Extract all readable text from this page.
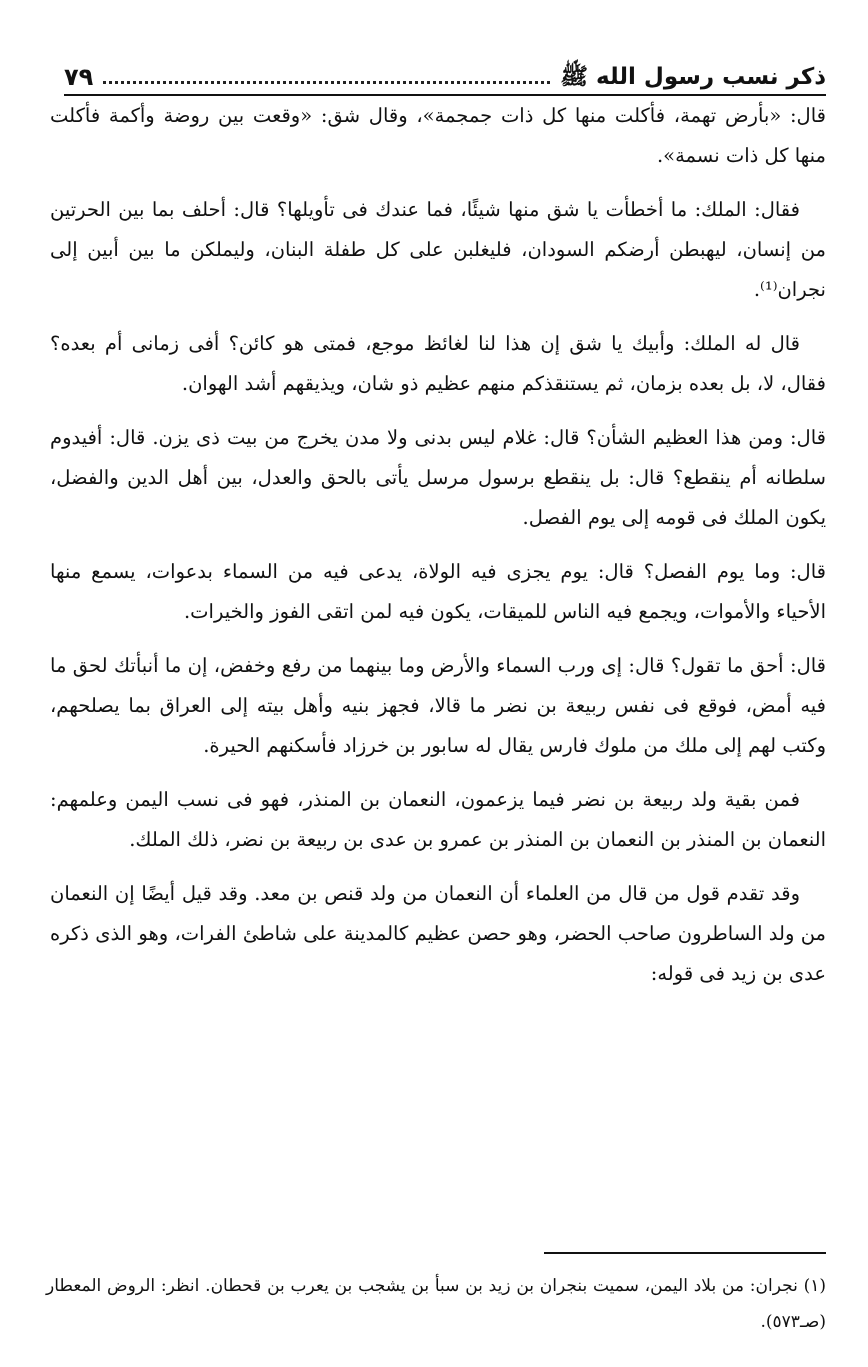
ذكر نسب رسول الله ﷺ
٧٩

قال: «بأرض تهمة، فأكلت منها كل ذات جمجمة»، وقال شق: «وقعت بين روضة وأكمة فأكلت منها كل ذات نسمة».

فقال: الملك: ما أخطأت يا شق منها شيئًا، فما عندك فى تأويلها؟ قال: أحلف بما بين الحرتين من إنسان، ليهبطن أرضكم السودان، فليغلبن على كل طفلة البنان، وليملكن ما بين أبين إلى نجران⁽¹⁾.

قال له الملك: وأبيك يا شق إن هذا لنا لغائظ موجع، فمتى هو كائن؟ أفى زمانى أم بعده؟ فقال، لا، بل بعده بزمان، ثم يستنقذكم منهم عظيم ذو شان، ويذيقهم أشد الهوان.

قال: ومن هذا العظيم الشأن؟ قال: غلام ليس بدنى ولا مدن يخرج من بيت ذى يزن. قال: أفيدوم سلطانه أم ينقطع؟ قال: بل ينقطع برسول مرسل يأتى بالحق والعدل، بين أهل الدين والفضل، يكون الملك فى قومه إلى يوم الفصل.

قال: وما يوم الفصل؟ قال: يوم يجزى فيه الولاة، يدعى فيه من السماء بدعوات، يسمع منها الأحياء والأموات، ويجمع فيه الناس للميقات، يكون فيه لمن اتقى الفوز والخيرات.

قال: أحق ما تقول؟ قال: إى ورب السماء والأرض وما بينهما من رفع وخفض، إن ما أنبأتك لحق ما فيه أمض، فوقع فى نفس ربيعة بن نضر ما قالا، فجهز بنيه وأهل بيته إلى العراق بما يصلحهم، وكتب لهم إلى ملك من ملوك فارس يقال له سابور بن خرزاد فأسكنهم الحيرة.

فمن بقية ولد ربيعة بن نضر فيما يزعمون، النعمان بن المنذر، فهو فى نسب اليمن وعلمهم: النعمان بن المنذر بن النعمان بن المنذر بن عمرو بن عدى بن ربيعة بن نضر، ذلك الملك.

وقد تقدم قول من قال من العلماء أن النعمان من ولد قنص بن معد. وقد قيل أيضًا إن النعمان من ولد الساطرون صاحب الحضر، وهو حصن عظيم كالمدينة على شاطئ الفرات، وهو الذى ذكره عدى بن زيد فى قوله:

(١) نجران: من بلاد اليمن، سميت بنجران بن زيد بن سبأ بن يشجب بن يعرب بن قحطان. انظر: الروض المعطار (صـ٥٧٣).
